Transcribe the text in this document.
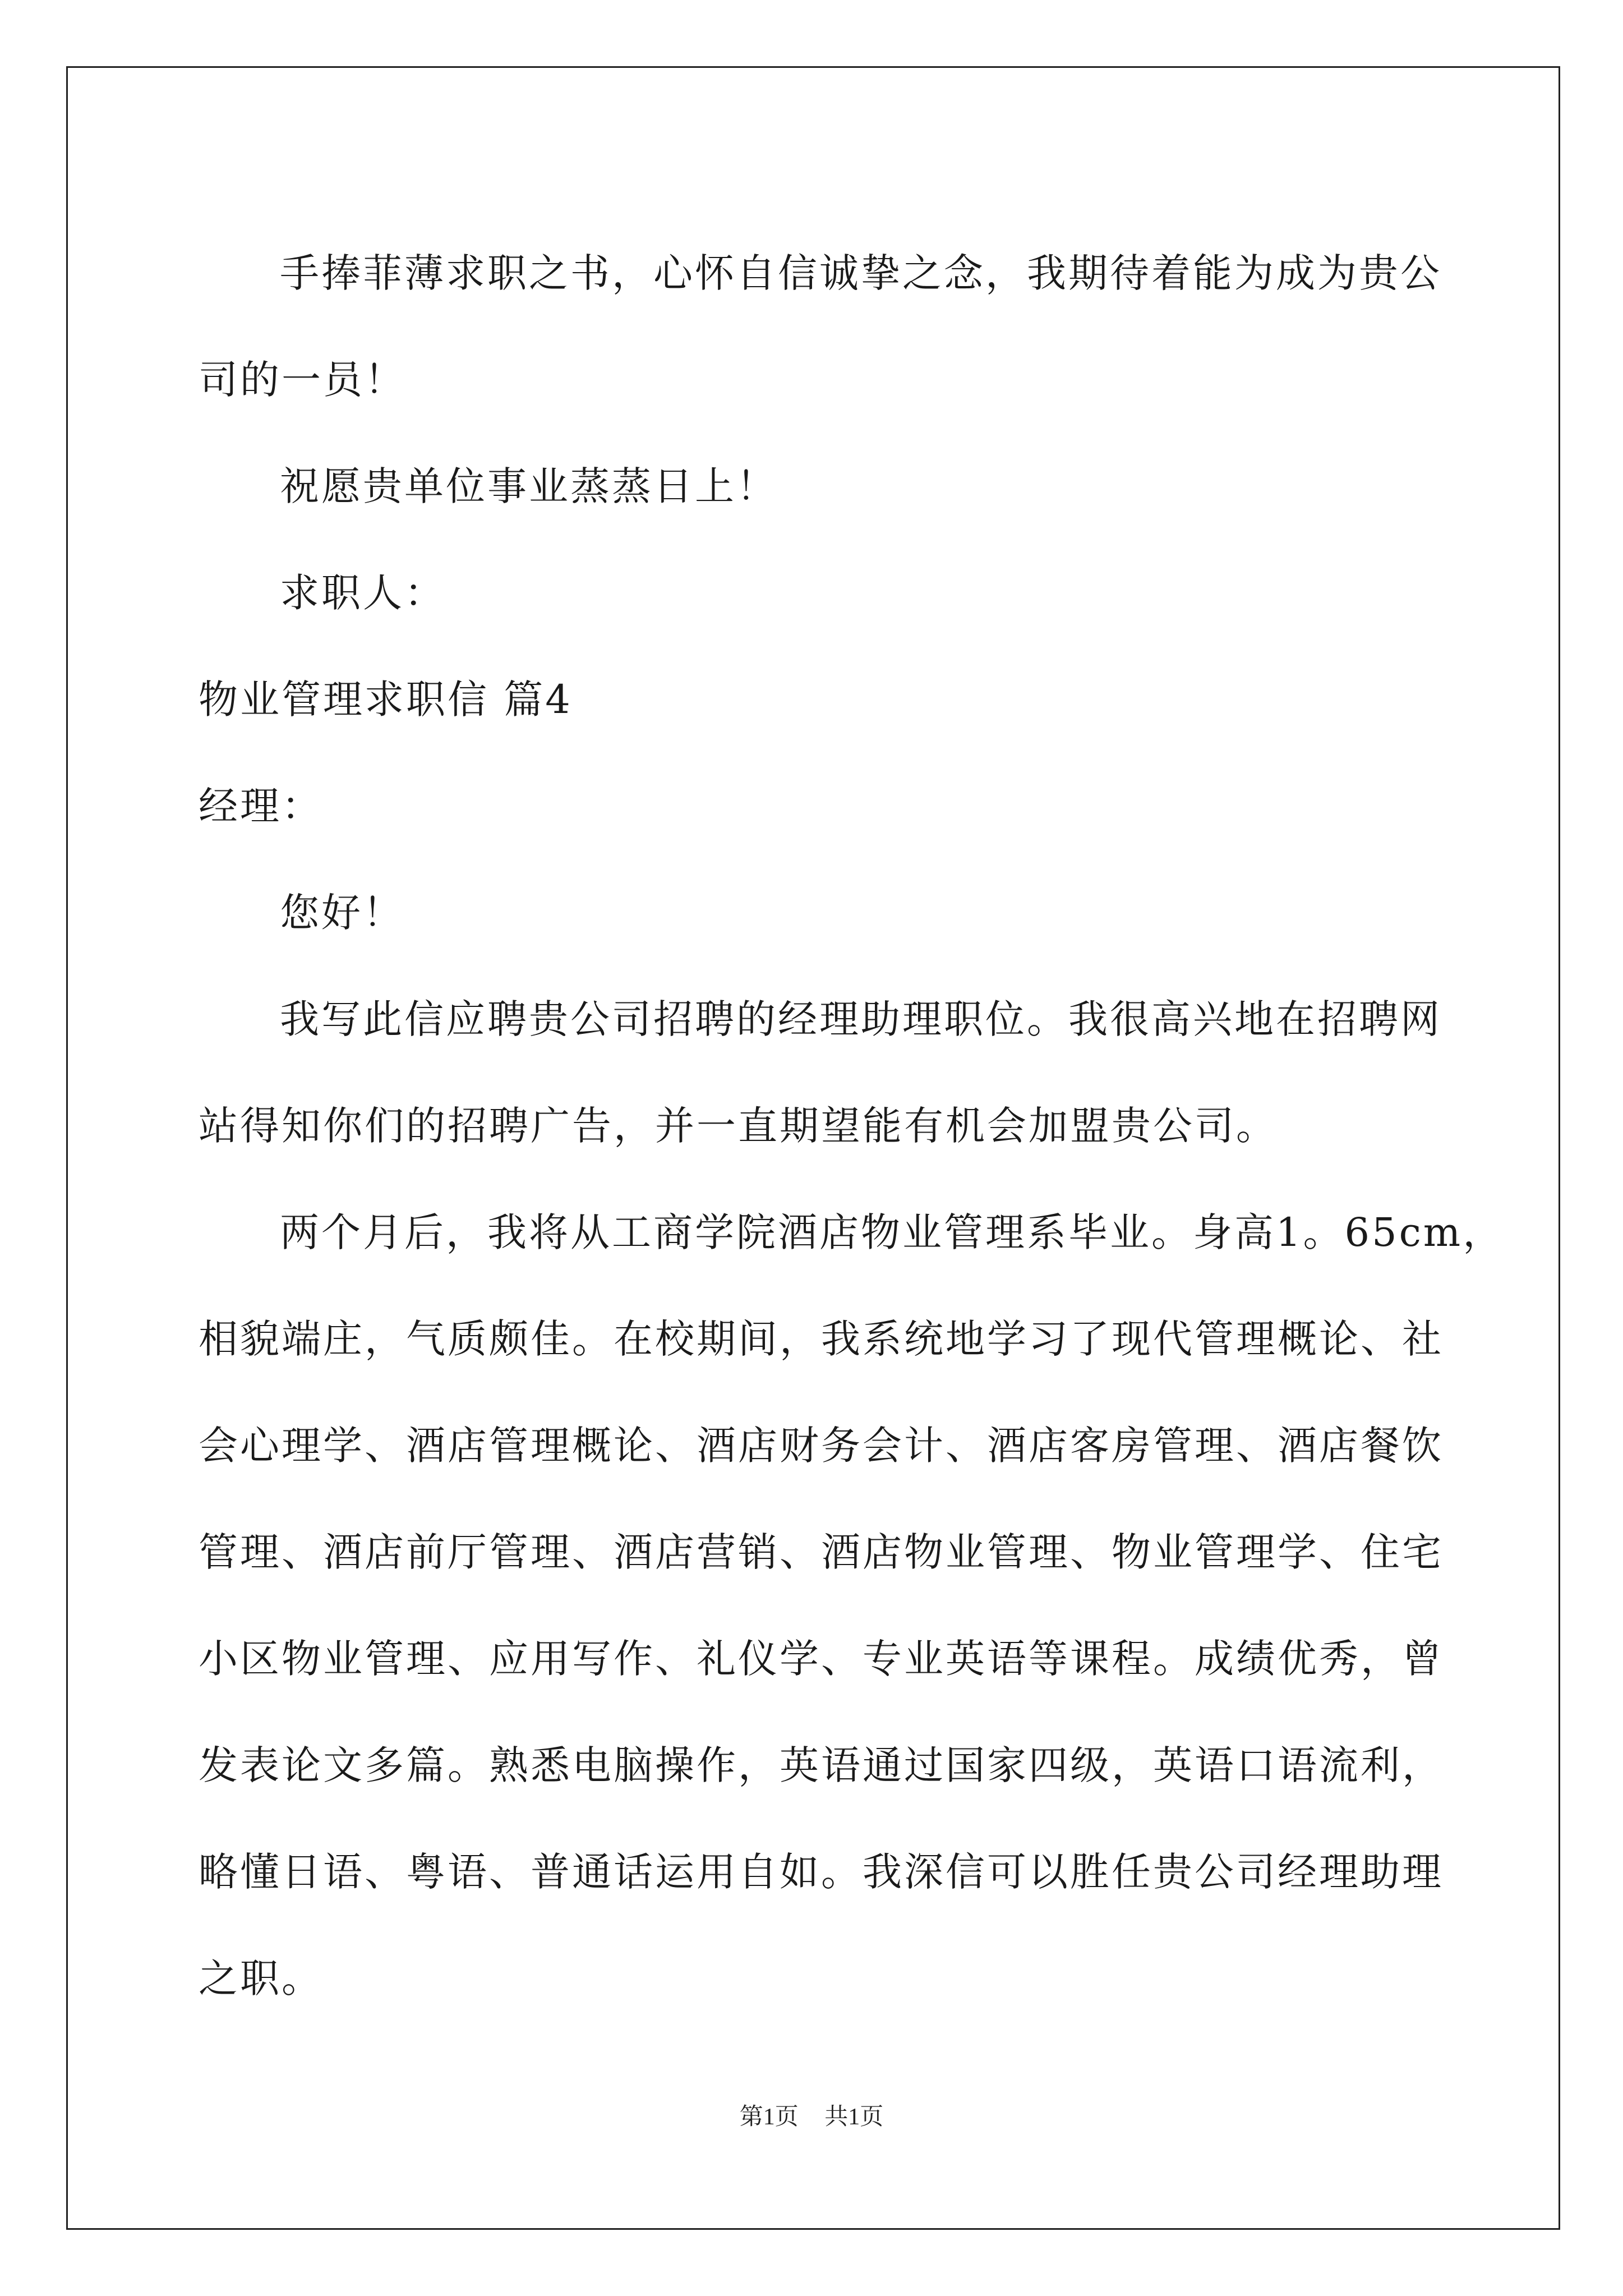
手捧菲薄求职之书，心怀自信诚挚之念，我期待着能为成为贵公

司的一员！

祝愿贵单位事业蒸蒸日上！

求职人：

物业管理求职信 篇4

经理：

您好！

我写此信应聘贵公司招聘的经理助理职位。我很高兴地在招聘网

站得知你们的招聘广告，并一直期望能有机会加盟贵公司。

两个月后，我将从工商学院酒店物业管理系毕业。身高1。65cm，

相貌端庄，气质颇佳。在校期间，我系统地学习了现代管理概论、社

会心理学、酒店管理概论、酒店财务会计、酒店客房管理、酒店餐饮

管理、酒店前厅管理、酒店营销、酒店物业管理、物业管理学、住宅

小区物业管理、应用写作、礼仪学、专业英语等课程。成绩优秀，曾

发表论文多篇。熟悉电脑操作，英语通过国家四级，英语口语流利，

略懂日语、粤语、普通话运用自如。我深信可以胜任贵公司经理助理

之职。

第1页 共1页
